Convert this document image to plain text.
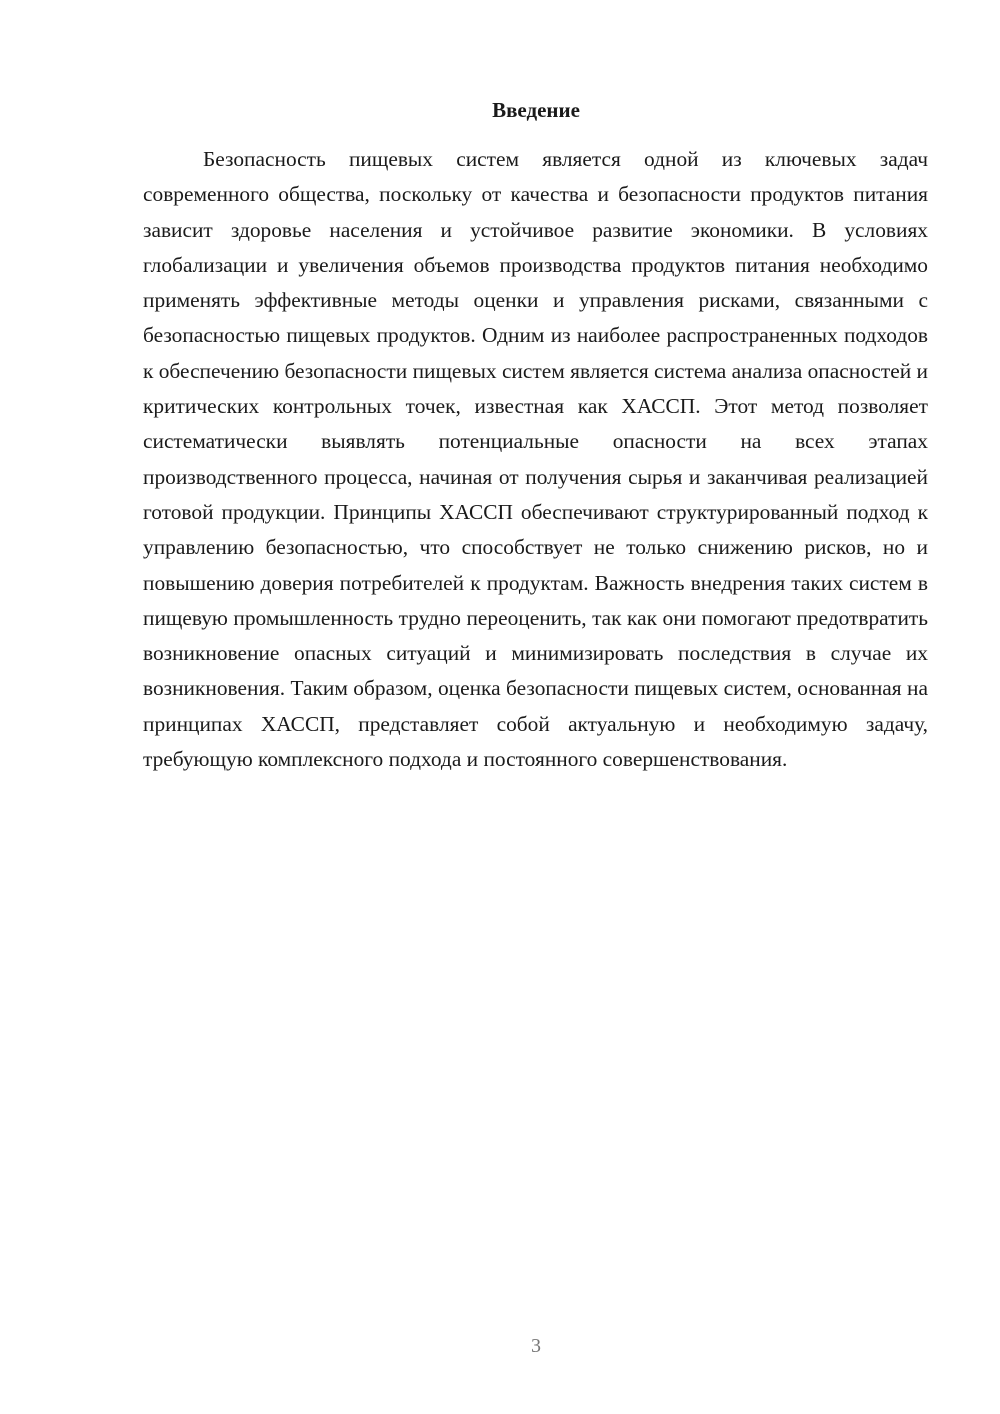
Введение

Безопасность пищевых систем является одной из ключевых задач современного общества, поскольку от качества и безопасности продуктов питания зависит здоровье населения и устойчивое развитие экономики. В условиях глобализации и увеличения объемов производства продуктов питания необходимо применять эффективные методы оценки и управления рисками, связанными с безопасностью пищевых продуктов. Одним из наиболее распространенных подходов к обеспечению безопасности пищевых систем является система анализа опасностей и критических контрольных точек, известная как ХАССП. Этот метод позволяет систематически выявлять потенциальные опасности на всех этапах производственного процесса, начиная от получения сырья и заканчивая реализацией готовой продукции. Принципы ХАССП обеспечивают структурированный подход к управлению безопасностью, что способствует не только снижению рисков, но и повышению доверия потребителей к продуктам. Важность внедрения таких систем в пищевую промышленность трудно переоценить, так как они помогают предотвратить возникновение опасных ситуаций и минимизировать последствия в случае их возникновения. Таким образом, оценка безопасности пищевых систем, основанная на принципах ХАССП, представляет собой актуальную и необходимую задачу, требующую комплексного подхода и постоянного совершенствования.

3
